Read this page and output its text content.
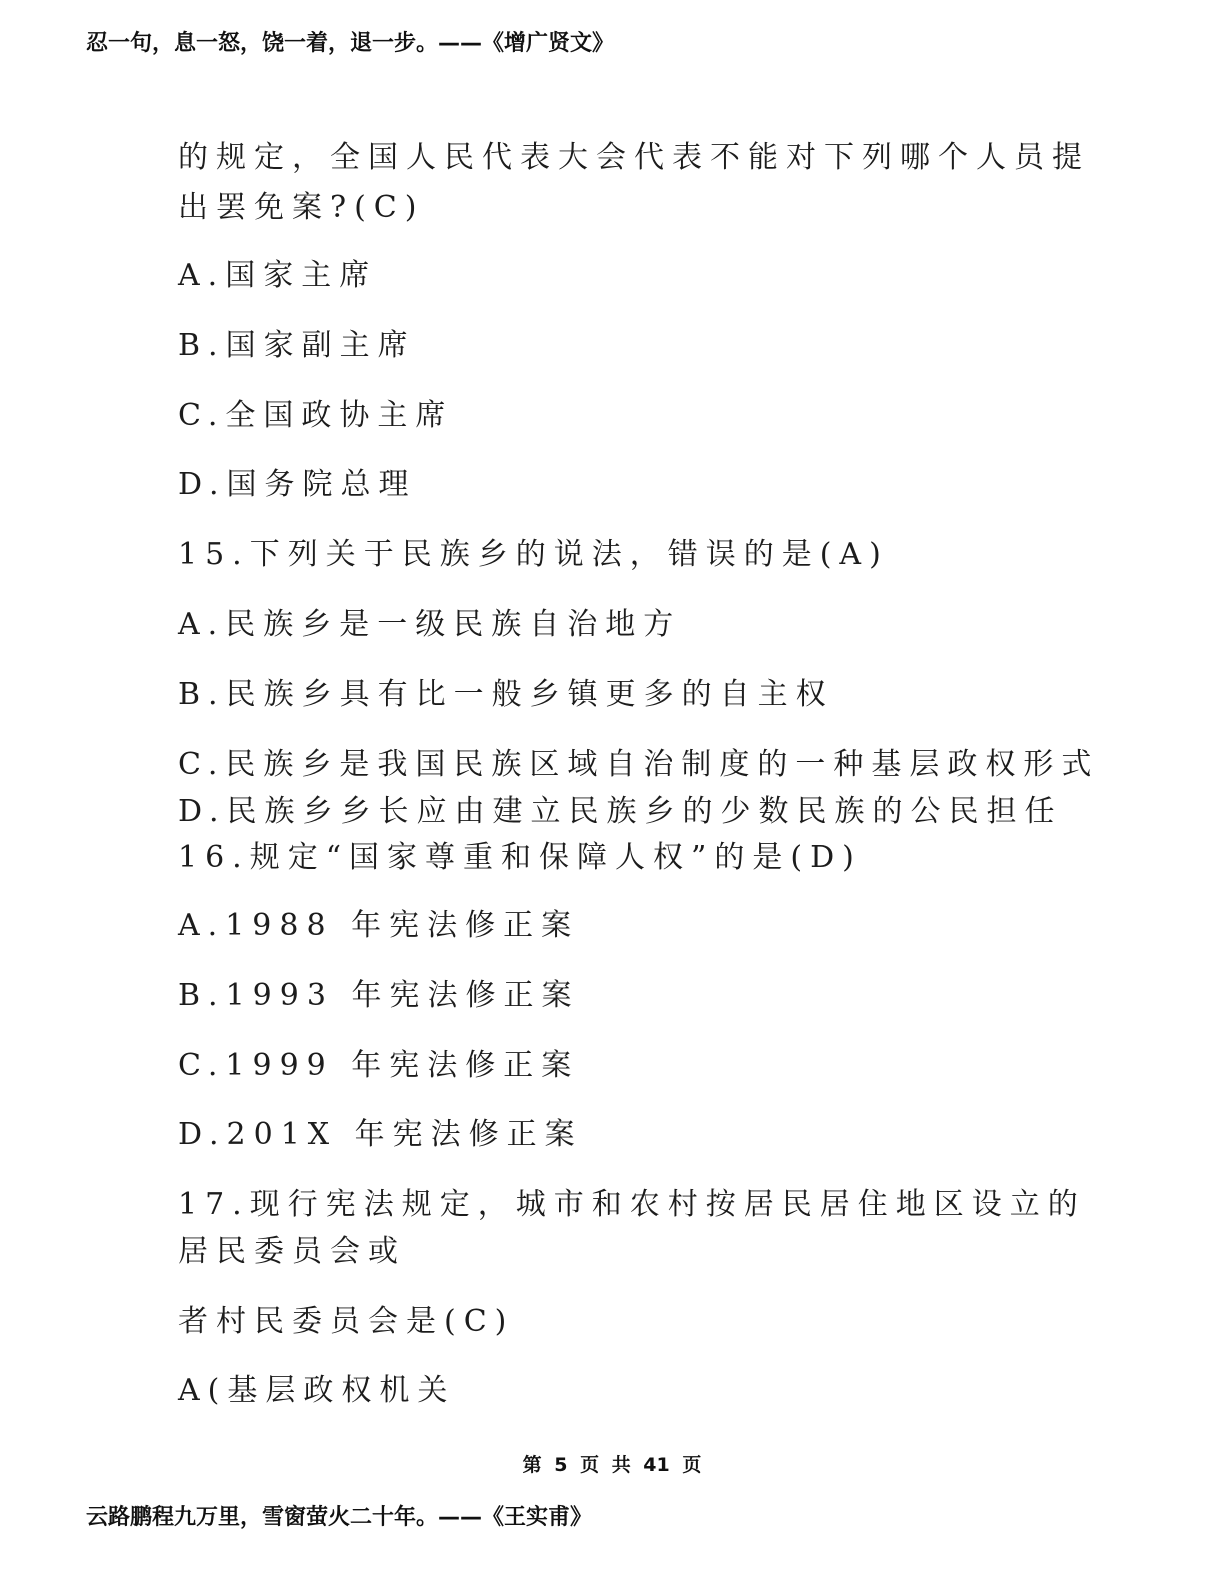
忍一句，息一怒，饶一着，退一步。——《增广贤文》
的规定，全国人民代表大会代表不能对下列哪个人员提
出罢免案?(C)
A.国家主席
B.国家副主席
C.全国政协主席
D.国务院总理
15.下列关于民族乡的说法，错误的是(A)
A.民族乡是一级民族自治地方
B.民族乡具有比一般乡镇更多的自主权
C.民族乡是我国民族区域自治制度的一种基层政权形式
D.民族乡乡长应由建立民族乡的少数民族的公民担任
16.规定“国家尊重和保障人权”的是(D)
A.1988 年宪法修正案
B.1993 年宪法修正案
C.1999 年宪法修正案
D.201X 年宪法修正案
17.现行宪法规定，城市和农村按居民居住地区设立的
居民委员会或
者村民委员会是(C)
A(基层政权机关
第 5 页 共 41 页
云路鹏程九万里，雪窗萤火二十年。——《王实甫》
